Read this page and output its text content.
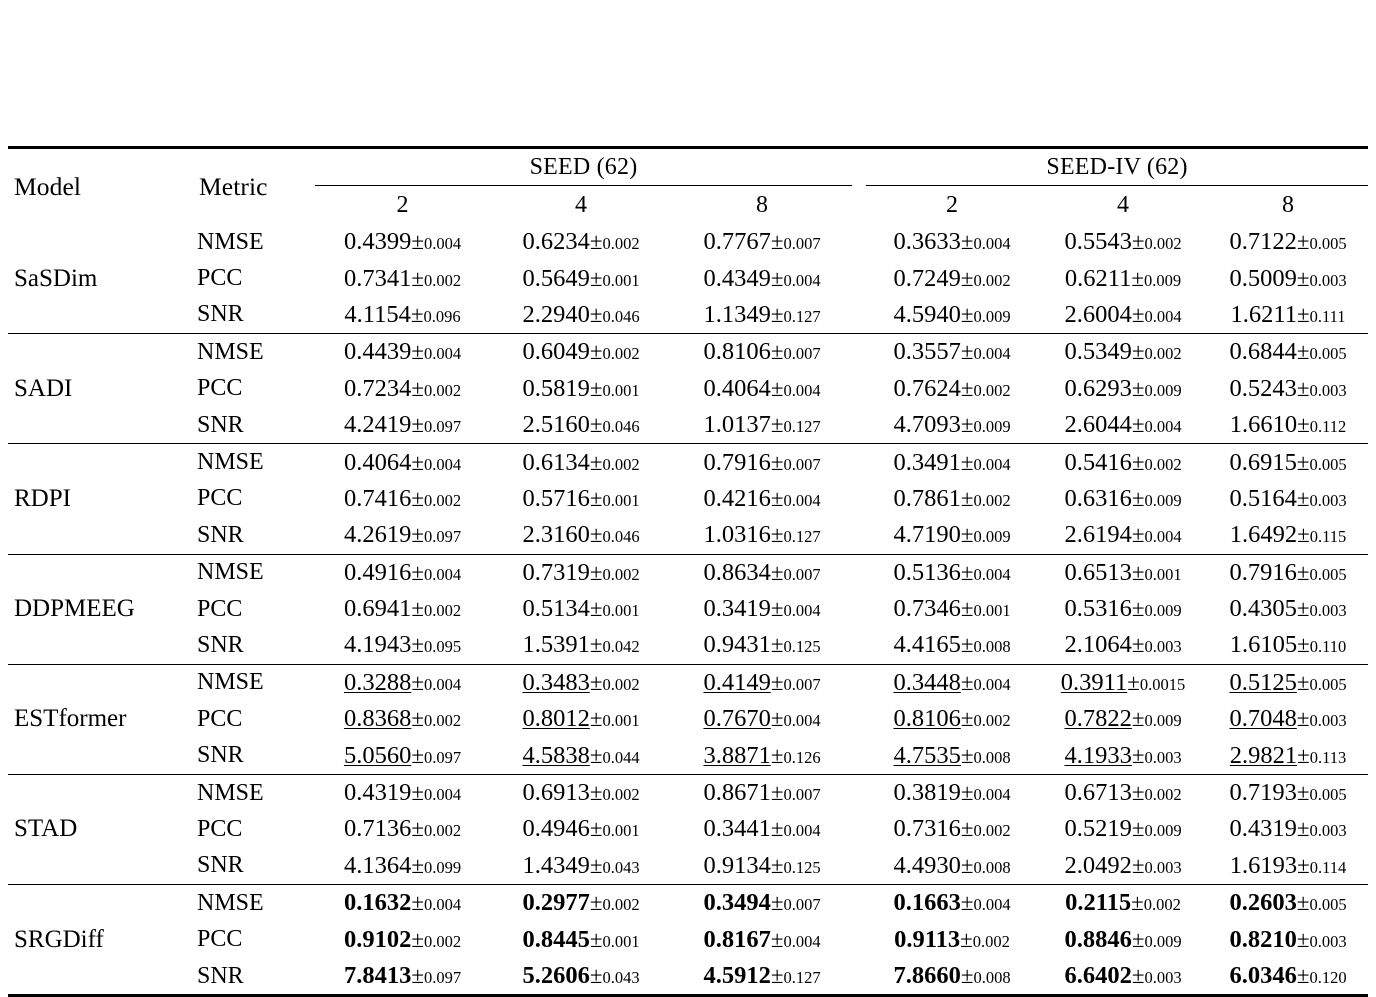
Model	Metric		SEED (62)				SEED-IV (62)		
			2	4	8		2	4	8
SaSDim	NMSE		0.4399±0.004	0.6234±0.002	0.7767±0.007		0.3633±0.004	0.5543±0.002	0.7122±0.005
	PCC		0.7341±0.002	0.5649±0.001	0.4349±0.004		0.7249±0.002	0.6211±0.009	0.5009±0.003
	SNR		4.1154±0.096	2.2940±0.046	1.1349±0.127		4.5940±0.009	2.6004±0.004	1.6211±0.111
SADI	NMSE		0.4439±0.004	0.6049±0.002	0.8106±0.007		0.3557±0.004	0.5349±0.002	0.6844±0.005
	PCC		0.7234±0.002	0.5819±0.001	0.4064±0.004		0.7624±0.002	0.6293±0.009	0.5243±0.003
	SNR		4.2419±0.097	2.5160±0.046	1.0137±0.127		4.7093±0.009	2.6044±0.004	1.6610±0.112
RDPI	NMSE		0.4064±0.004	0.6134±0.002	0.7916±0.007		0.3491±0.004	0.5416±0.002	0.6915±0.005
	PCC		0.7416±0.002	0.5716±0.001	0.4216±0.004		0.7861±0.002	0.6316±0.009	0.5164±0.003
	SNR		4.2619±0.097	2.3160±0.046	1.0316±0.127		4.7190±0.009	2.6194±0.004	1.6492±0.115
DDPMEEG	NMSE		0.4916±0.004	0.7319±0.002	0.8634±0.007		0.5136±0.004	0.6513±0.001	0.7916±0.005
	PCC		0.6941±0.002	0.5134±0.001	0.3419±0.004		0.7346±0.001	0.5316±0.009	0.4305±0.003
	SNR		4.1943±0.095	1.5391±0.042	0.9431±0.125		4.4165±0.008	2.1064±0.003	1.6105±0.110
ESTformer	NMSE		0.3288±0.004	0.3483±0.002	0.4149±0.007		0.3448±0.004	0.3911±0.0015	0.5125±0.005
	PCC		0.8368±0.002	0.8012±0.001	0.7670±0.004		0.8106±0.002	0.7822±0.009	0.7048±0.003
	SNR		5.0560±0.097	4.5838±0.044	3.8871±0.126		4.7535±0.008	4.1933±0.003	2.9821±0.113
STAD	NMSE		0.4319±0.004	0.6913±0.002	0.8671±0.007		0.3819±0.004	0.6713±0.002	0.7193±0.005
	PCC		0.7136±0.002	0.4946±0.001	0.3441±0.004		0.7316±0.002	0.5219±0.009	0.4319±0.003
	SNR		4.1364±0.099	1.4349±0.043	0.9134±0.125		4.4930±0.008	2.0492±0.003	1.6193±0.114
SRGDiff	NMSE		0.1632±0.004	0.2977±0.002	0.3494±0.007		0.1663±0.004	0.2115±0.002	0.2603±0.005
	PCC		0.9102±0.002	0.8445±0.001	0.8167±0.004		0.9113±0.002	0.8846±0.009	0.8210±0.003
	SNR		7.8413±0.097	5.2606±0.043	4.5912±0.127		7.8660±0.008	6.6402±0.003	6.0346±0.120
